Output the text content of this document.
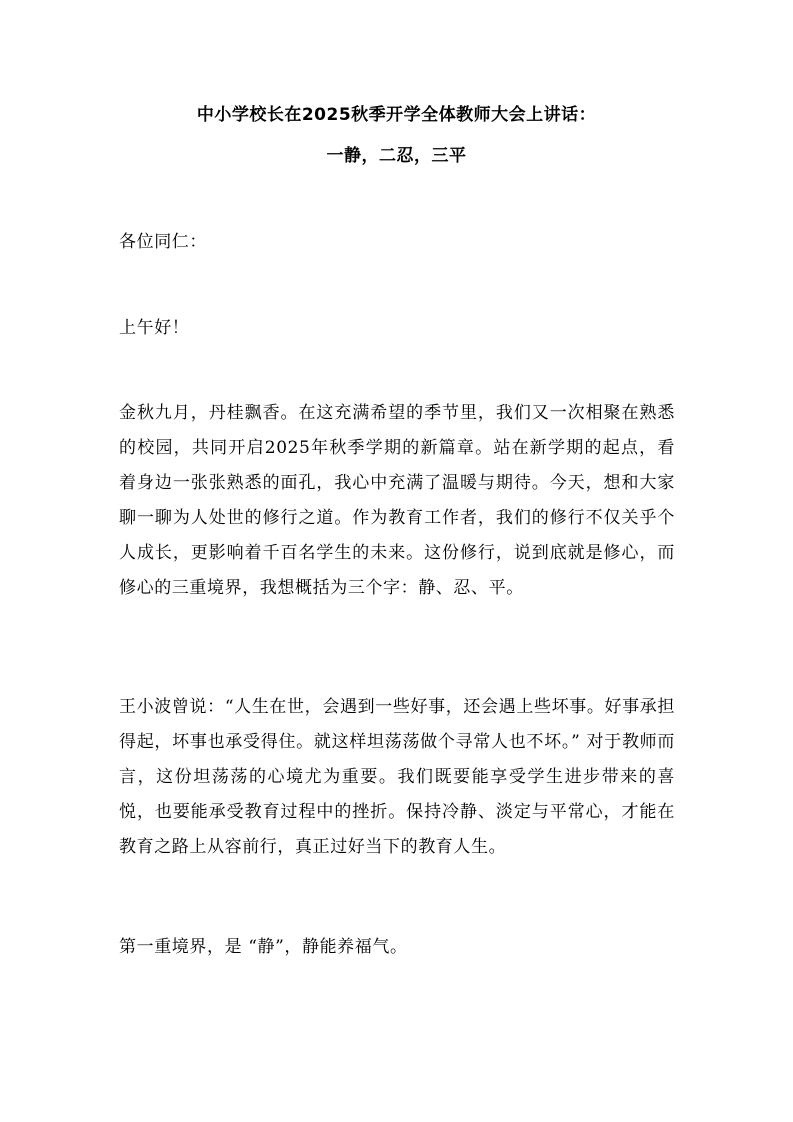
中小学校长在2025秋季开学全体教师大会上讲话：
一静，二忍，三平

各位同仁：

上午好！

金秋九月，丹桂飘香。在这充满希望的季节里，我们又一次相聚在熟悉的校园，共同开启2025年秋季学期的新篇章。站在新学期的起点，看着身边一张张熟悉的面孔，我心中充满了温暖与期待。今天，想和大家聊一聊为人处世的修行之道。作为教育工作者，我们的修行不仅关乎个人成长，更影响着千百名学生的未来。这份修行，说到底就是修心，而修心的三重境界，我想概括为三个字：静、忍、平。

王小波曾说：“人生在世，会遇到一些好事，还会遇上些坏事。好事承担得起，坏事也承受得住。就这样坦荡荡做个寻常人也不坏。” 对于教师而言，这份坦荡荡的心境尤为重要。我们既要能享受学生进步带来的喜悦，也要能承受教育过程中的挫折。保持冷静、淡定与平常心，才能在教育之路上从容前行，真正过好当下的教育人生。

第一重境界，是 “静”，静能养福气。
